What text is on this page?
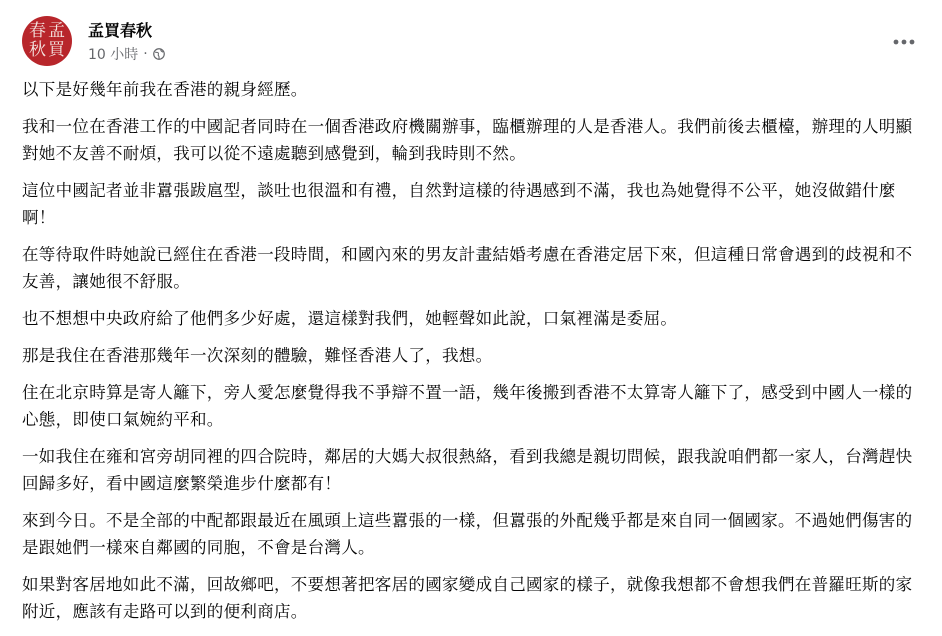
春 孟
秋 買
孟買春秋
10 小時 ·

以下是好幾年前我在香港的親身經歷。

我和一位在香港工作的中國記者同時在一個香港政府機關辦事，臨櫃辦理的人是香港人。我們前後去櫃檯，辦理的人明顯對她不友善不耐煩，我可以從不遠處聽到感覺到，輪到我時則不然。

這位中國記者並非囂張跋扈型，談吐也很溫和有禮，自然對這樣的待遇感到不滿，我也為她覺得不公平，她沒做錯什麼啊！

在等待取件時她說已經住在香港一段時間，和國內來的男友計畫結婚考慮在香港定居下來，但這種日常會遇到的歧視和不友善，讓她很不舒服。

也不想想中央政府給了他們多少好處，還這樣對我們，她輕聲如此說，口氣裡滿是委屈。

那是我住在香港那幾年一次深刻的體驗，難怪香港人了，我想。

住在北京時算是寄人籬下，旁人愛怎麼覺得我不爭辯不置一語，幾年後搬到香港不太算寄人籬下了，感受到中國人一樣的心態，即使口氣婉約平和。

一如我住在雍和宮旁胡同裡的四合院時，鄰居的大媽大叔很熱絡，看到我總是親切問候，跟我說咱們都一家人，台灣趕快回歸多好，看中國這麼繁榮進步什麼都有！

來到今日。不是全部的中配都跟最近在風頭上這些囂張的一樣，但囂張的外配幾乎都是來自同一個國家。不過她們傷害的是跟她們一樣來自鄰國的同胞，不會是台灣人。

如果對客居地如此不滿，回故鄉吧，不要想著把客居的國家變成自己國家的樣子，就像我想都不會想我們在普羅旺斯的家附近，應該有走路可以到的便利商店。
